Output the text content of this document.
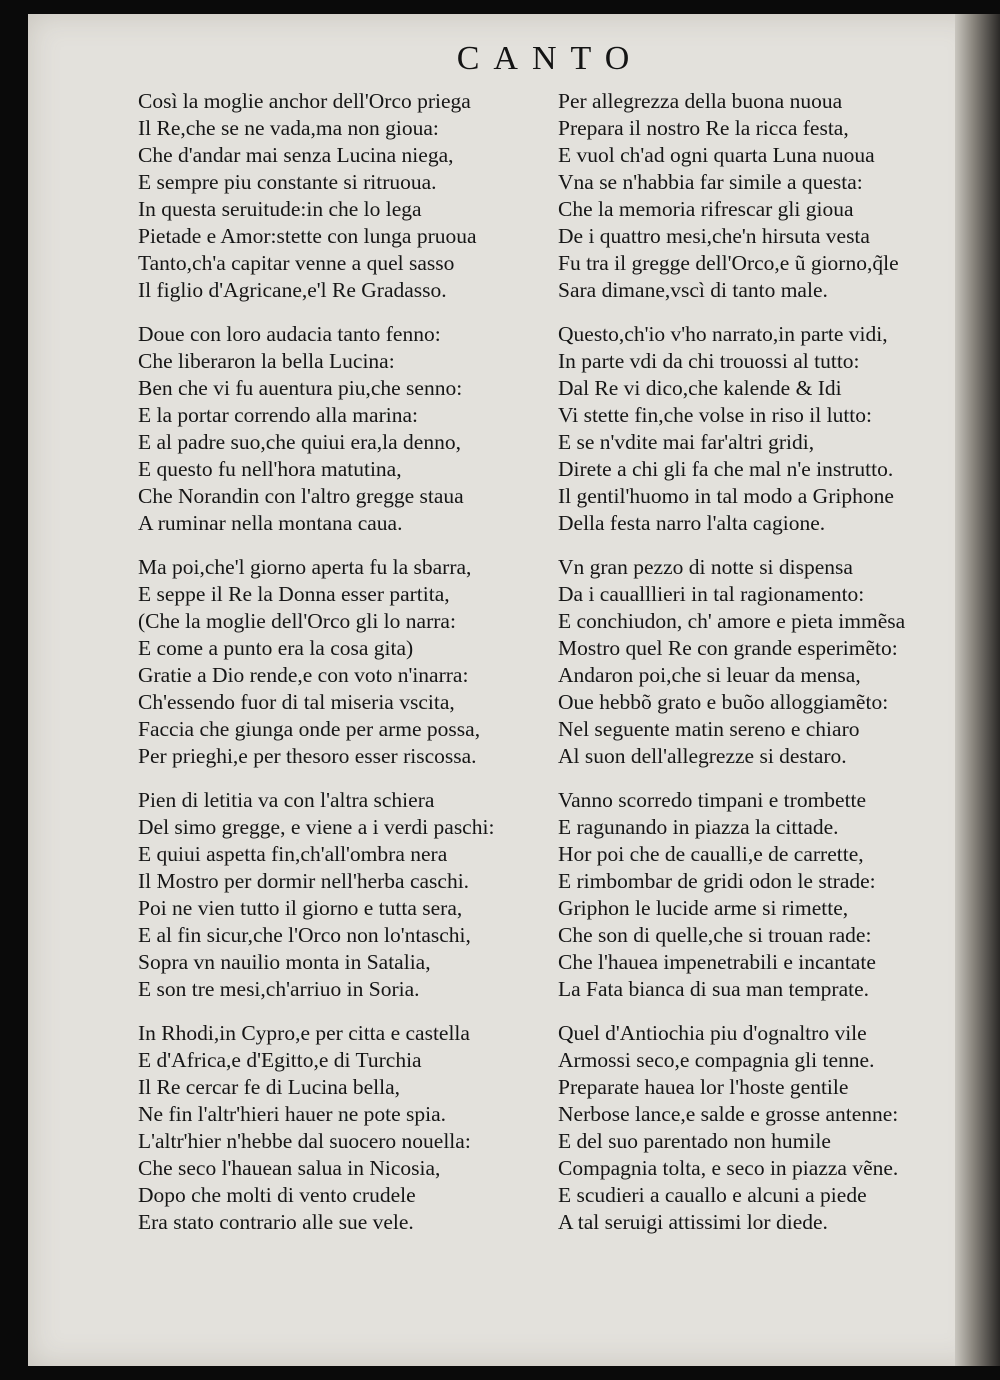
CANTO
Così la moglie anchor dell'Orco priega
Il Re,che se ne vada,ma non gioua:
Che d'andar mai senza Lucina niega,
E sempre piu constante si ritruoua.
In questa seruitude:in che lo lega
Pietade e Amor:stette con lunga pruoua
Tanto,ch'a capitar venne a quel sasso
Il figlio d'Agricane,e'l Re Gradasso.
Doue con loro audacia tanto fenno:
Che liberaron la bella Lucina:
Ben che vi fu auentura piu,che senno:
E la portar correndo alla marina:
E al padre suo,che quiui era,la denno,
E questo fu nell'hora matutina,
Che Norandin con l'altro gregge staua
A ruminar nella montana caua.
Ma poi,che'l giorno aperta fu la sbarra,
E seppe il Re la Donna esser partita,
(Che la moglie dell'Orco gli lo narra:
E come a punto era la cosa gita)
Gratie a Dio rende,e con voto n'inarra:
Ch'essendo fuor di tal miseria vscita,
Faccia che giunga onde per arme possa,
Per prieghi,e per thesoro esser riscossa.
Pien di letitia va con l'altra schiera
Del simo gregge, e viene a i verdi paschi:
E quiui aspetta fin,ch'all'ombra nera
Il Mostro per dormir nell'herba caschi.
Poi ne vien tutto il giorno e tutta sera,
E al fin sicur,che l'Orco non lo'ntaschi,
Sopra vn nauilio monta in Satalia,
E son tre mesi,ch'arriuo in Soria.
In Rhodi,in Cypro,e per citta e castella
E d'Africa,e d'Egitto,e di Turchia
Il Re cercar fe di Lucina bella,
Ne fin l'altr'hieri hauer ne pote spia.
L'altr'hier n'hebbe dal suocero nouella:
Che seco l'hauean salua in Nicosia,
Dopo che molti di vento crudele
Era stato contrario alle sue vele.
Per allegrezza della buona nuoua
Prepara il nostro Re la ricca festa,
E vuol ch'ad ogni quarta Luna nuoua
Vna se n'habbia far simile a questa:
Che la memoria rifrescar gli gioua
De i quattro mesi,che'n hirsuta vesta
Fu tra il gregge dell'Orco,e ũ giorno,q̃le
Sara dimane,vscì di tanto male.
Questo,ch'io v'ho narrato,in parte vidi,
In parte vdi da chi trouossi al tutto:
Dal Re vi dico,che kalende & Idi
Vi stette fin,che volse in riso il lutto:
E se n'vdite mai far'altri gridi,
Direte a chi gli fa che mal n'e instrutto.
Il gentil'huomo in tal modo a Griphone
Della festa narro l'alta cagione.
Vn gran pezzo di notte si dispensa
Da i caualllieri in tal ragionamento:
E conchiudon, ch' amore e pieta immẽsa
Mostro quel Re con grande esperimẽto:
Andaron poi,che si leuar da mensa,
Oue hebbõ grato e buõo alloggiamẽto:
Nel seguente matin sereno e chiaro
Al suon dell'allegrezze si destaro.
Vanno scorredo timpani e trombette
E ragunando in piazza la cittade.
Hor poi che de caualli,e de carrette,
E rimbombar de gridi odon le strade:
Griphon le lucide arme si rimette,
Che son di quelle,che si trouan rade:
Che l'hauea impenetrabili e incantate
La Fata bianca di sua man temprate.
Quel d'Antiochia piu d'ognaltro vile
Armossi seco,e compagnia gli tenne.
Preparate hauea lor l'hoste gentile
Nerbose lance,e salde e grosse antenne:
E del suo parentado non humile
Compagnia tolta, e seco in piazza vẽne.
E scudieri a cauallo e alcuni a piede
A tal seruigi attissimi lor diede.
